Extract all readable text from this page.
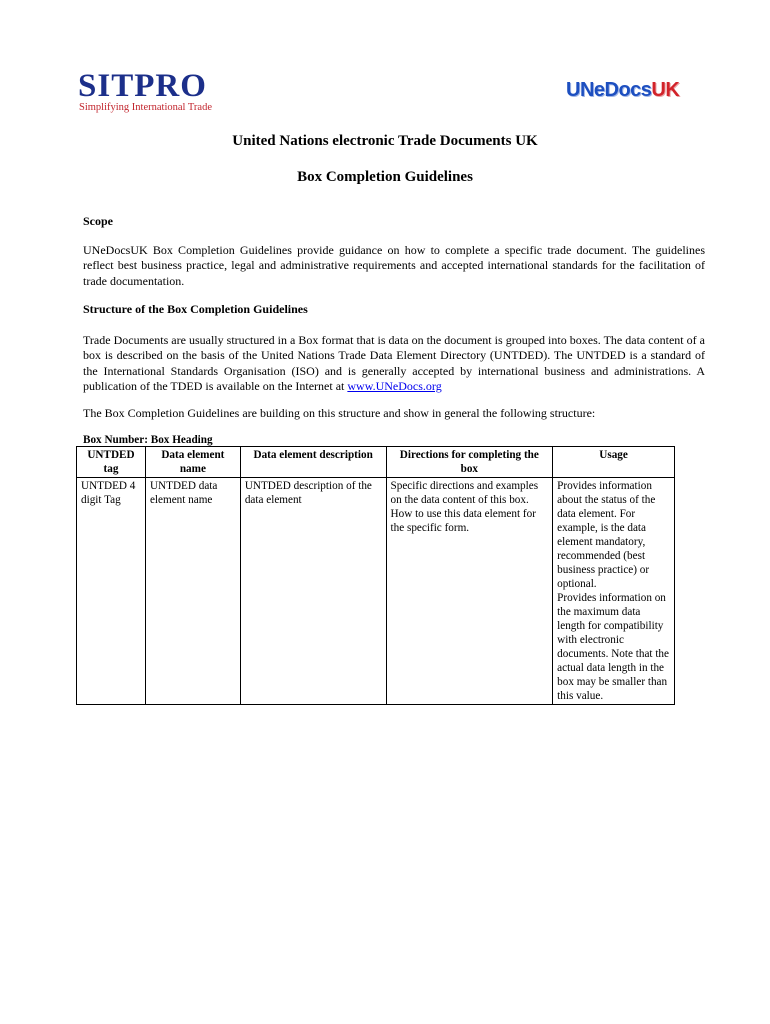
SITPRO
Simplifying International Trade
UNeDocsUK
United Nations electronic Trade Documents UK
Box Completion Guidelines
Scope
UNeDocsUK Box Completion Guidelines provide guidance on how to complete a specific trade document. The guidelines reflect best business practice, legal and administrative requirements and accepted international standards for the facilitation of trade documentation.
Structure of the Box Completion Guidelines
Trade Documents are usually structured in a Box format that is data on the document is grouped into boxes. The data content of a box is described on the basis of the United Nations Trade Data Element Directory (UNTDED). The UNTDED is a standard of the International Standards Organisation (ISO) and is generally accepted by international business and administrations. A publication of the TDED is available on the Internet at www.UNeDocs.org
The Box Completion Guidelines are building on this structure and show in general the following structure:
Box Number: Box Heading
UNTDED tag	Data element name	Data element description	Directions for completing the box	Usage
UNTDED 4 digit Tag	UNTDED data element name	UNTDED description of the data element	Specific directions and examples on the data content of this box. How to use this data element for the specific form.	Provides information about the status of the data element. For example, is the data element mandatory, recommended (best business practice) or optional.
Provides information on the maximum data length for compatibility with electronic documents. Note that the actual data length in the box may be smaller than this value.
